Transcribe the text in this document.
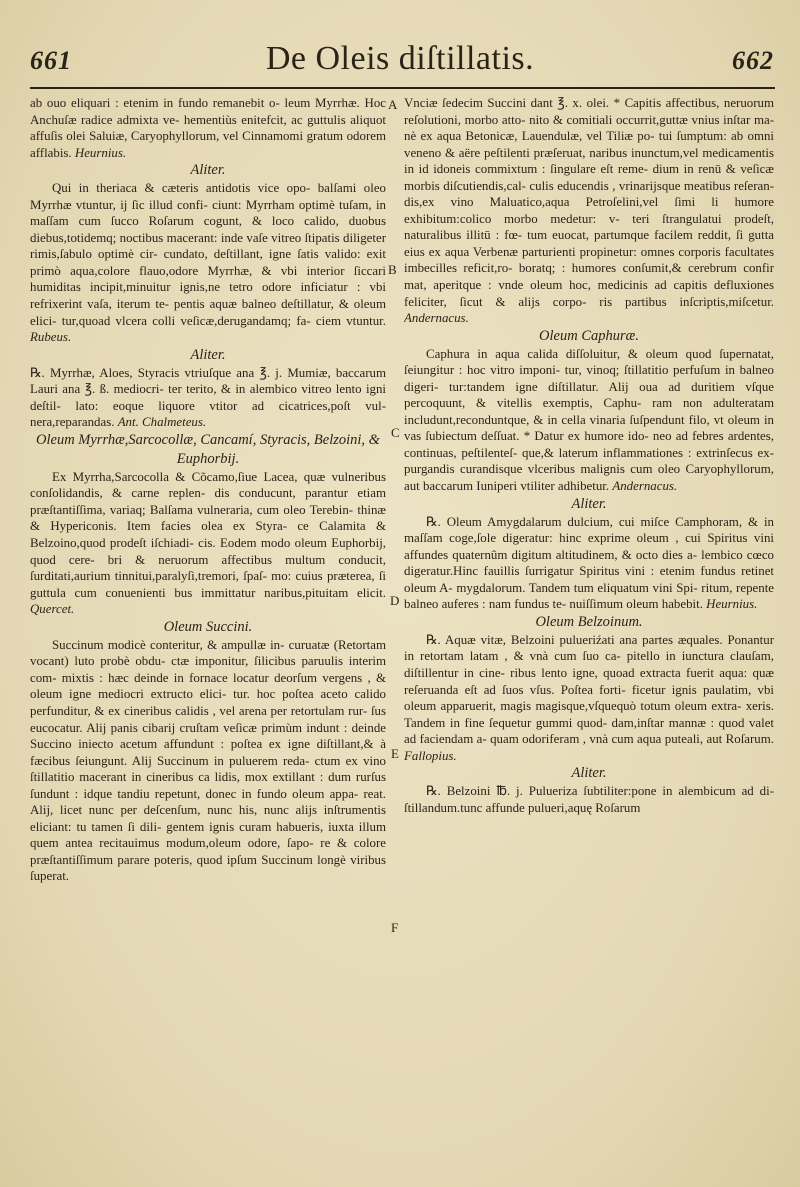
661	De Oleis diſtillatis.	662
A
B
C
D
E
F

ab ouo eliquari : etenim in fundo remanebit o- leum Myrrhæ. Hoc Anchuſæ radice admixta ve- hementiùs enitefcit, ac guttulis aliquot affuſis olei Saluiæ, Caryophyllorum, vel Cinnamomi gratum odorem afflabis. Heurnius.

Aliter.

Qui in theriaca & cæteris antidotis vice opo- balſami oleo Myrrhæ vtuntur, ij ſic illud confi- ciunt: Myrrham optimè tuſam, in maſſam cum ſucco Roſarum cogunt, & loco calido, duobus diebus,totidemq; noctibus macerant: inde vaſe vitreo ſtipatis diligeter rimis,ſabulo optimè cir- cundato, deſtillant, igne ſatis valido: exit primò aqua,colore flauo,odore Myrrhæ, & vbi interior ſiccari humiditas incipit,minuitur ignis,ne tetro odore inficiatur : vbi refrixerint vaſa, iterum te- pentis aquæ balneo deſtillatur, & oleum elici- tur,quoad vlcera colli veſicæ,derugandamq; fa- ciem vtuntur. Rubeus.

Aliter.

℞. Myrrhæ, Aloes, Styracis vtriuſque ana ℥. j. Mumiæ, baccarum Lauri ana ℥. ß. mediocri- ter terito, & in alembico vitreo lento igni deſtil- lato: eoque liquore vtitor ad cicatrices,poſt vul- nera,reparandas. Ant. Chalmeteus.

Oleum Myrrhæ,Sarcocollæ, Cancamí, Styracis, Belzoini, & Euphorbij.

Ex Myrrha,Sarcocolla & Cõcamo,ſiue Lacea, quæ vulneribus conſolidandis, & carne replen- dis conducunt, parantur etiam præſtantiſſima, variaq; Balſama vulneraria, cum oleo Terebin- thinæ & Hypericonis. Item facies olea ex Styra- ce Calamita & Belzoino,quod prodeſt iſchiadi- cis. Eodem modo oleum Euphorbij, quod cere- bri & neruorum affectibus multum conducit, ſurditati,aurium tinnitui,paralyſi,tremori, ſpaſ- mo: cuius præterea, ſi guttula cum conuenienti bus immittatur naribus,pituitam elicit. Quercet.

Oleum Succini.

Succinum modicè conteritur, & ampullæ in- curuatæ (Retortam vocant) luto probè obdu- ctæ imponitur, ſilicibus paruulis interim com- mixtis : hæc deinde in fornace locatur deorſum vergens , & oleum igne mediocri extructo elici- tur. hoc poſtea aceto calido perfunditur, & ex cineribus calidis , vel arena per retortulam rur- ſus eucocatur. Alij panis cibarij cruſtam veſicæ primùm indunt : deinde Succino iniecto acetum affundunt : poſtea ex igne diſtillant,& à fæcibus ſeiungunt. Alij Succinum in puluerem reda- ctum ex vino ſtillatitio macerant in cineribus ca lidis, mox extillant : dum rurſus ſundunt : idque tandiu repetunt, donec in fundo oleum appa- reat. Alij, licet nunc per deſcenſum, nunc his, nunc alijs inſtrumentis eliciant: tu tamen ſi dili- gentem ignis curam habueris, iuxta illum quem antea recitauimus modum,oleum odore, ſapo- re & colore præſtantiſſimum parare poteris, quod ipſum Succinum longè viribus ſuperat.

Vnciæ ſedecim Succini dant ℥. x. olei. * Capitis affectibus, neruorum reſolutioni, morbo atto- nito & comitiali occurrit,guttæ vnius inſtar ma- nè ex aqua Betonicæ, Lauendulæ, vel Tiliæ po- tui ſumptum: ab omni veneno & aëre peſtilenti præſeruat, naribus inunctum,vel medicamentis in id idoneis commixtum : ſingulare eſt reme- dium in renū & veſicæ morbis diſcutiendis,cal- culis educendis , vrinarijsque meatibus reſeran- dis,ex vino Maluatico,aqua Petroſelini,vel ſimi li humore exhibitum:colico morbo medetur: v- teri ſtrangulatui prodeſt, naturalibus illitū : fœ- tum euocat, partumque facilem reddit, ſi gutta eius ex aqua Verbenæ parturienti propinetur: omnes corporis facultates imbecilles reficit,ro- boratq; : humores conſumit,& cerebrum confir mat, aperitque : vnde oleum hoc, medicinis ad capitis defluxiones feliciter, ſicut & alijs corpo- ris partibus inſcriptis,miſcetur. Andernacus.

Oleum Caphuræ.

Caphura in aqua calida diſſoluitur, & oleum quod ſupernatat, ſeiungitur : hoc vitro imponi- tur, vinoq; ſtillatitio perfuſum in balneo digeri- tur:tandem igne diſtillatur. Alij oua ad duritiem vſque percoquunt, & vitellis exemptis, Caphu- ram non adulteratam includunt,reconduntque, & in cella vinaria ſuſpendunt filo, vt oleum in vas ſubiectum deſſuat. * Datur ex humore ido- neo ad febres ardentes, continuas, peſtilenteſ- que,& laterum inflammationes : extrinſecus ex- purgandis curandisque vlceribus malignis cum oleo Caryophyllorum, aut baccarum Iuniperi vtiliter adhibetur. Andernacus.

Aliter.

℞. Oleum Amygdalarum dulcium, cui miſce Camphoram, & in maſſam coge,ſole digeratur: hinc exprime oleum , cui Spiritus vini affundes quaternûm digitum altitudinem, & octo dies a- lembico cœco digeratur.Hinc fauillis ſurrigatur Spiritus vini : etenim fundus retinet oleum A- mygdalorum. Tandem tum eliquatum vini Spi- ritum, repente balneo auferes : nam fundus te- nuiſſimum oleum habebit. Heurnius.

Oleum Belzoinum.

℞. Aquæ vitæ, Belzoini pulueriźati ana partes æquales. Ponantur in retortam latam , & vnà cum ſuo ca- pitello in iunctura clauſam, diſtillentur in cine- ribus lento igne, quoad extracta fuerit aqua: quæ reſeruanda eſt ad ſuos vſus. Poſtea forti- ficetur ignis paulatim, vbi oleum apparuerit, magis magisque,vſquequò totum oleum extra- xeris. Tandem in fine ſequetur gummi quod- dam,inſtar mannæ : quod valet ad faciendam a- quam odoriferam , vnà cum aqua puteali, aut Roſarum. Fallopius.

Aliter.

℞. Belzoini ℔. j. Puluerizа ſubtiliter:pone in alembicum ad di- ſtillandum.tunc affunde pulueri,aquę Roſarum
